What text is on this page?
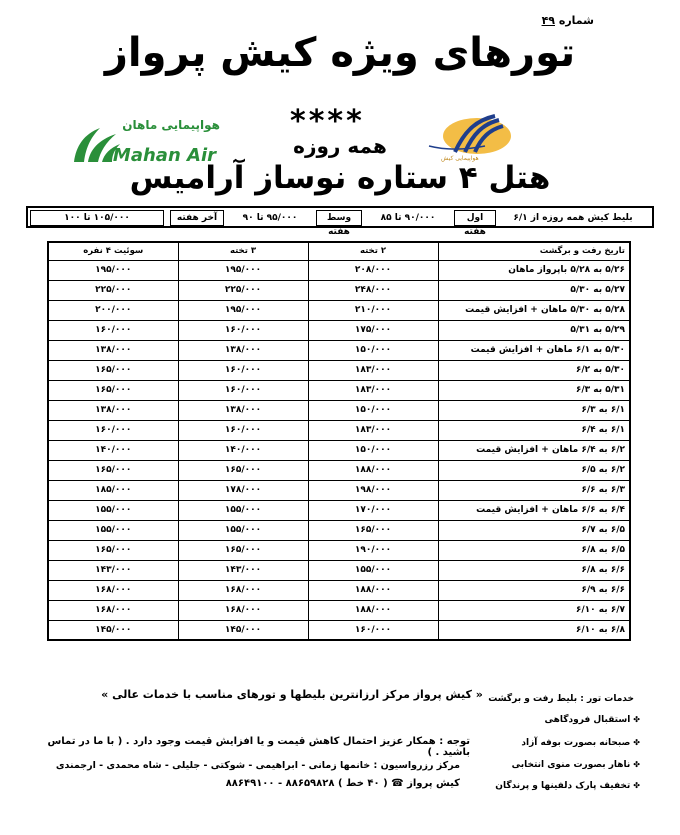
شماره ۴۹
تورهای ویژه کیش پرواز
هواپیمایی ماهان
Mahan Air	هواپیمایی کیش
****
همه روزه
هتل ۴ ستاره نوساز آرامیس
بلیط کیش همه روزه از ۶/۱
اول هفته
۹۰/۰۰۰ تا ۸۵
وسط هفته
۹۵/۰۰۰ تا ۹۰
آخر هفته
۱۰۵/۰۰۰ تا ۱۰۰
تاریخ رفت و برگشت	۲ تخته	۳ تخته	سوئیت ۴ نفره
۵/۲۶ به ۵/۲۸ باپرواز ماهان	۲۰۸/۰۰۰	۱۹۵/۰۰۰	۱۹۵/۰۰۰
۵/۲۷ به ۵/۳۰	۲۴۸/۰۰۰	۲۲۵/۰۰۰	۲۲۵/۰۰۰
۵/۲۸ به ۵/۳۰ ماهان + افزایش قیمت	۲۱۰/۰۰۰	۱۹۵/۰۰۰	۲۰۰/۰۰۰
۵/۲۹ به ۵/۳۱	۱۷۵/۰۰۰	۱۶۰/۰۰۰	۱۶۰/۰۰۰
۵/۳۰ به ۶/۱ ماهان + افزایش قیمت	۱۵۰/۰۰۰	۱۳۸/۰۰۰	۱۳۸/۰۰۰
۵/۳۰ به ۶/۲	۱۸۳/۰۰۰	۱۶۰/۰۰۰	۱۶۵/۰۰۰
۵/۳۱ به ۶/۳	۱۸۳/۰۰۰	۱۶۰/۰۰۰	۱۶۵/۰۰۰
۶/۱ به ۶/۳	۱۵۰/۰۰۰	۱۳۸/۰۰۰	۱۳۸/۰۰۰
۶/۱ به ۶/۴	۱۸۳/۰۰۰	۱۶۰/۰۰۰	۱۶۰/۰۰۰
۶/۲ به ۶/۴ ماهان + افزایش قیمت	۱۵۰/۰۰۰	۱۴۰/۰۰۰	۱۴۰/۰۰۰
۶/۲ به ۶/۵	۱۸۸/۰۰۰	۱۶۵/۰۰۰	۱۶۵/۰۰۰
۶/۳ به ۶/۶	۱۹۸/۰۰۰	۱۷۸/۰۰۰	۱۸۵/۰۰۰
۶/۴ به ۶/۶ ماهان + افزایش قیمت	۱۷۰/۰۰۰	۱۵۵/۰۰۰	۱۵۵/۰۰۰
۶/۵ به ۶/۷	۱۶۵/۰۰۰	۱۵۵/۰۰۰	۱۵۵/۰۰۰
۶/۵ به ۶/۸	۱۹۰/۰۰۰	۱۶۵/۰۰۰	۱۶۵/۰۰۰
۶/۶ به ۶/۸	۱۵۵/۰۰۰	۱۴۳/۰۰۰	۱۴۳/۰۰۰
۶/۶ به ۶/۹	۱۸۸/۰۰۰	۱۶۸/۰۰۰	۱۶۸/۰۰۰
۶/۷ به ۶/۱۰	۱۸۸/۰۰۰	۱۶۸/۰۰۰	۱۶۸/۰۰۰
۶/۸ به ۶/۱۰	۱۶۰/۰۰۰	۱۴۵/۰۰۰	۱۴۵/۰۰۰
خدمات تور : بلیط رفت و برگشت
✤استقبال فرودگاهی
✤صبحانه بصورت بوفه آزاد
✤ناهار بصورت منوی انتخابی
✤تخفیف پارک دلفینها و پرندگان
« کیش پرواز مرکز ارزانترین بلیطها و تورهای مناسب با خدمات عالی »
توجه : همکار عزیز احتمال کاهش قیمت و یا افزایش قیمت وجود دارد . ( با ما در تماس باشید . )
مرکز رزرواسیون : خانمها زمانی - ابراهیمی - شوکتی - جلیلی - شاه محمدی - ارجمندی
کیش پرواز ☎ ( ۴۰ خط ) ۸۸۶۵۹۸۲۸ - ۸۸۶۴۹۱۰۰
